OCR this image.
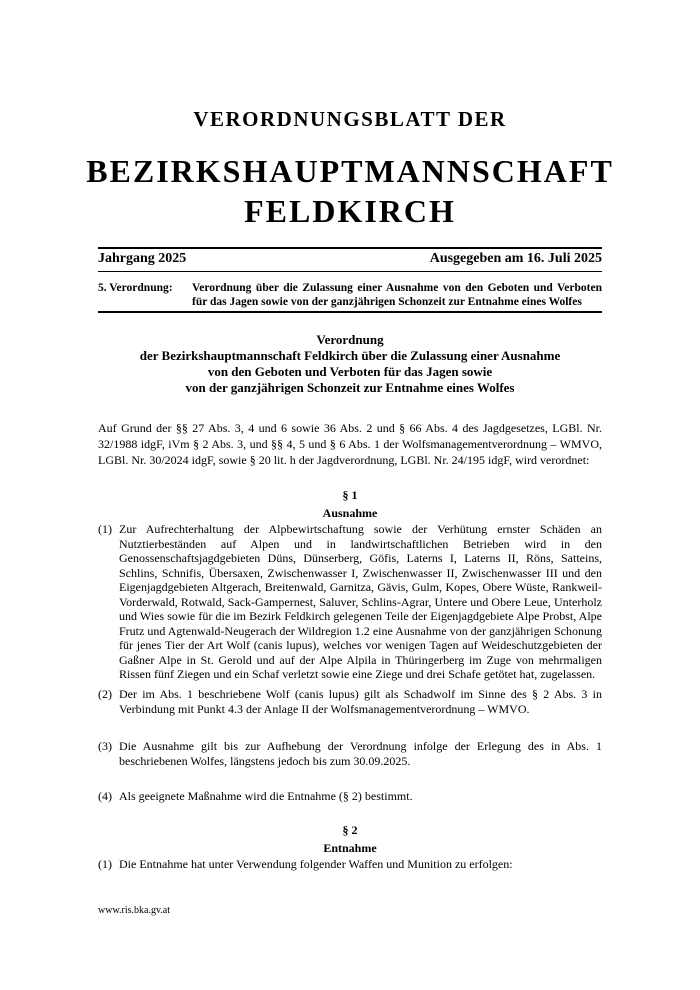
VERORDNUNGSBLATT DER
BEZIRKSHAUPTMANNSCHAFT
FELDKIRCH
Jahrgang 2025	Ausgegeben am 16. Juli 2025
5. Verordnung:	Verordnung über die Zulassung einer Ausnahme von den Geboten und Verboten für das Jagen sowie von der ganzjährigen Schonzeit zur Entnahme eines Wolfes
Verordnung
der Bezirkshauptmannschaft Feldkirch über die Zulassung einer Ausnahme
von den Geboten und Verboten für das Jagen sowie
von der ganzjährigen Schonzeit zur Entnahme eines Wolfes
Auf Grund der §§ 27 Abs. 3, 4 und 6 sowie 36 Abs. 2 und § 66 Abs. 4 des Jagdgesetzes, LGBl. Nr. 32/1988 idgF, iVm § 2 Abs. 3, und §§ 4, 5 und § 6 Abs. 1 der Wolfsmanagementverordnung – WMVO, LGBl. Nr. 30/2024 idgF, sowie § 20 lit. h der Jagdverordnung, LGBl. Nr. 24/195 idgF, wird verordnet:
§ 1
Ausnahme
(1) Zur Aufrechterhaltung der Alpbewirtschaftung sowie der Verhütung ernster Schäden an Nutztierbeständen auf Alpen und in landwirtschaftlichen Betrieben wird in den Genossenschaftsjagdgebieten Düns, Dünserberg, Göfis, Laterns I, Laterns II, Röns, Satteins, Schlins, Schnifis, Übersaxen, Zwischenwasser I, Zwischenwasser II, Zwischenwasser III und den Eigenjagdgebieten Altgerach, Breitenwald, Garnitza, Gävis, Gulm, Kopes, Obere Wüste, Rankweil-Vorderwald, Rotwald, Sack-Gampernest, Saluver, Schlins-Agrar, Untere und Obere Leue, Unterholz und Wies sowie für die im Bezirk Feldkirch gelegenen Teile der Eigenjagdgebiete Alpe Probst, Alpe Frutz und Agtenwald-Neugerach der Wildregion 1.2 eine Ausnahme von der ganzjährigen Schonung für jenes Tier der Art Wolf (canis lupus), welches vor wenigen Tagen auf Weideschutzgebieten der Gaßner Alpe in St. Gerold und auf der Alpe Alpila in Thüringerberg im Zuge von mehrmaligen Rissen fünf Ziegen und ein Schaf verletzt sowie eine Ziege und drei Schafe getötet hat, zugelassen.
(2) Der im Abs. 1 beschriebene Wolf (canis lupus) gilt als Schadwolf im Sinne des § 2 Abs. 3 in Verbindung mit Punkt 4.3 der Anlage II der Wolfsmanagementverordnung – WMVO.
(3) Die Ausnahme gilt bis zur Aufhebung der Verordnung infolge der Erlegung des in Abs. 1 beschriebenen Wolfes, längstens jedoch bis zum 30.09.2025.
(4) Als geeignete Maßnahme wird die Entnahme (§ 2) bestimmt.
§ 2
Entnahme
(1) Die Entnahme hat unter Verwendung folgender Waffen und Munition zu erfolgen:
www.ris.bka.gv.at
